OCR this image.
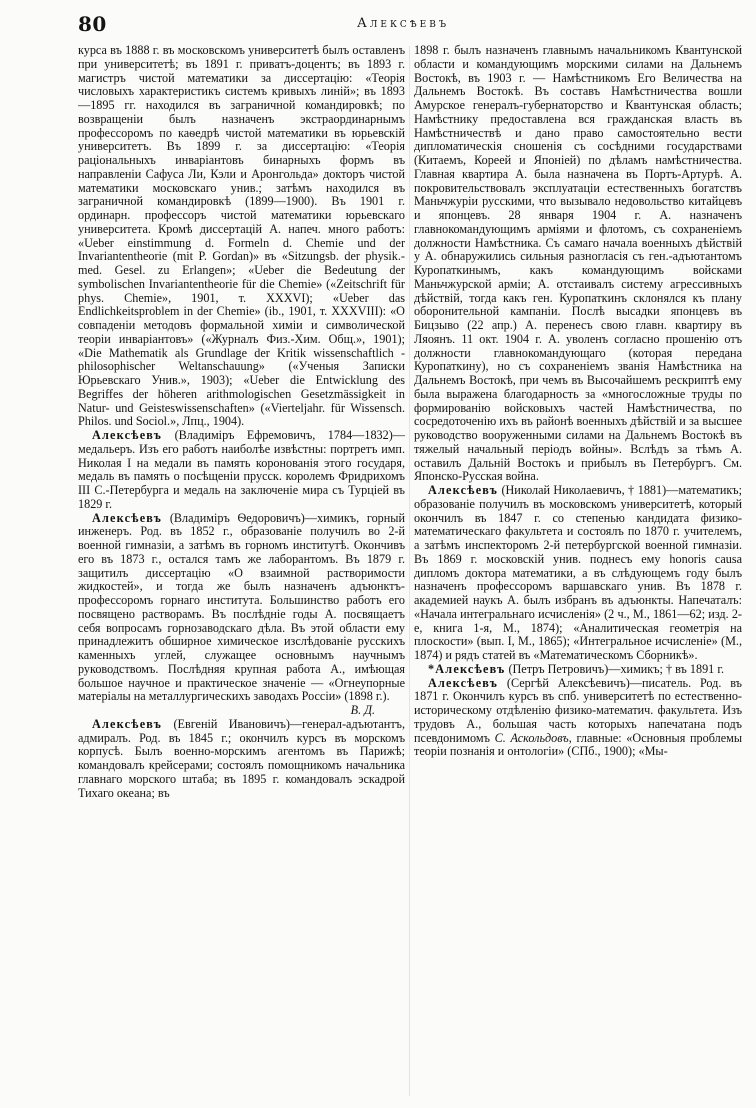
80	Алексѣевъ

курса въ 1888 г. въ московскомъ университетѣ былъ оставленъ при университетѣ; въ 1891 г. приватъ-доцентъ; въ 1893 г. магистръ чистой математики за диссертацію: «Теорія числовыхъ характеристикъ системъ кривыхъ линій»; въ 1893—1895 гг. находился въ заграничной командировкѣ; по возвращеніи былъ назначенъ экстраординарнымъ профессоромъ по каѳедрѣ чистой математики въ юрьевскій университетъ. Въ 1899 г. за диссертацію: «Теорія раціональныхъ инваріантовъ бинарныхъ формъ въ направленіи Сафуса Ли, Кэли и Аронгольда» докторъ чистой математики московскаго унив.; затѣмъ находился въ заграничной командировкѣ (1899—1900). Въ 1901 г. ординарн. профессоръ чистой математики юрьевскаго университета. Кромѣ диссертацій А. напеч. много работъ: «Ueber einstimmung d. Formeln d. Chemie und der Invariantentheorie (mit P. Gordan)» въ «Sitzungsb. der physik.-med. Gesel. zu Erlangen»; «Ueber die Bedeutung der symbolischen Invariantentheorie für die Chemie» («Zeitschrift für phys. Chemie», 1901, т. XXXVI); «Ueber das Endlichkeitsproblem in der Chemie» (ib., 1901, т. XXXVIII): «О совпаденіи методовъ формальной химіи и символической теоріи инваріантовъ» («Журналъ Физ.-Хим. Общ.», 1901); «Die Mathematik als Grundlage der Kritik wissenschaftlich - philosophischer Weltanschauung» («Ученыя Записки Юрьевскаго Унив.», 1903); «Ueber die Entwicklung des Begriffes der höheren arithmologischen Gesetzmässigkeit in Natur- und Geisteswissenschaften» («Vierteljahr. für Wissensch. Philos. und Sociol.», Лпц., 1904).

Алексѣевъ (Владиміръ Ефремовичъ, 1784—1832)—медальеръ. Изъ его работъ наиболѣе извѣстны: портретъ имп. Николая I на медали въ память коронованія этого государя, медаль въ память о посѣщеніи прусск. королемъ Фридрихомъ III С.-Петербурга и медаль на заключеніе мира съ Турціей въ 1829 г.

Алексѣевъ (Владиміръ Ѳедоровичъ)—химикъ, горный инженеръ. Род. въ 1852 г., образованіе получилъ во 2-й военной гимназіи, а затѣмъ въ горномъ институтѣ. Окончивъ его въ 1873 г., остался тамъ же лаборантомъ. Въ 1879 г. защитилъ диссертацію «О взаимной растворимости жидкостей», и тогда же былъ назначенъ адъюнктъ-профессоромъ горнаго института. Большинство работъ его посвящено растворамъ. Въ послѣдніе годы А. посвящаетъ себя вопросамъ горнозаводскаго дѣла. Въ этой области ему принадлежитъ обширное химическое изслѣдованіе русскихъ каменныхъ углей, служащее основнымъ научнымъ руководствомъ. Послѣдняя крупная работа А., имѣющая большое научное и практическое значеніе — «Огнеупорные матеріалы на металлургическихъ заводахъ Россіи» (1898 г.).

В. Д.

Алексѣевъ (Евгеній Ивановичъ)—генерал-адъютантъ, адмиралъ. Род. въ 1845 г.; окончилъ курсъ въ морскомъ корпусѣ. Былъ военно-морскимъ агентомъ въ Парижѣ; командовалъ крейсерами; состоялъ помощникомъ начальника главнаго морского штаба; въ 1895 г. командовалъ эскадрой Тихаго океана; въ

1898 г. былъ назначенъ главнымъ начальникомъ Квантунской области и командующимъ морскими силами на Дальнемъ Востокѣ, въ 1903 г. — Намѣстникомъ Его Величества на Дальнемъ Востокѣ. Въ составъ Намѣстничества вошли Амурское генералъ-губернаторство и Квантунская область; Намѣстнику предоставлена вся гражданская власть въ Намѣстничествѣ и дано право самостоятельно вести дипломатическія сношенія съ сосѣдними государствами (Китаемъ, Кореей и Японіей) по дѣламъ намѣстничества. Главная квартира А. была назначена въ Портъ-Артурѣ. А. покровительствовалъ эксплуатаціи естественныхъ богатствъ Маньчжуріи русскими, что вызывало недовольство китайцевъ и японцевъ. 28 января 1904 г. А. назначенъ главнокомандующимъ арміями и флотомъ, съ сохраненіемъ должности Намѣстника. Съ самаго начала военныхъ дѣйствій у А. обнаружились сильныя разногласія съ ген.-адъютантомъ Куропаткинымъ, какъ командующимъ войсками Маньчжурской арміи; А. отстаивалъ систему агрессивныхъ дѣйствій, тогда какъ ген. Куропаткинъ склонялся къ плану оборонительной кампаніи. Послѣ высадки японцевъ въ Бицзыво (22 апр.) А. перенесъ свою главн. квартиру въ Ляоянъ. 11 окт. 1904 г. А. уволенъ согласно прошенію отъ должности главнокомандующаго (которая передана Куропаткину), но съ сохраненіемъ званія Намѣстника на Дальнемъ Востокѣ, при чемъ въ Высочайшемъ рескриптѣ ему была выражена благодарность за «многосложные труды по формированію войсковыхъ частей Намѣстничества, по сосредоточенію ихъ въ районѣ военныхъ дѣйствій и за высшее руководство вооруженными силами на Дальнемъ Востокѣ въ тяжелый начальный періодъ войны». Вслѣдъ за тѣмъ А. оставилъ Дальній Востокъ и прибылъ въ Петербургъ. См. Японско-Русская война.

Алексѣевъ (Николай Николаевичъ, † 1881)—математикъ; образованіе получилъ въ московскомъ университетѣ, который окончилъ въ 1847 г. со степенью кандидата физико-математическаго факультета и состоялъ по 1870 г. учителемъ, а затѣмъ инспекторомъ 2-й петербургской военной гимназіи. Въ 1869 г. московскій унив. поднесъ ему honoris causa дипломъ доктора математики, а въ слѣдующемъ году былъ назначенъ профессоромъ варшавскаго унив. Въ 1878 г. академией наукъ А. былъ избранъ въ адъюнкты. Напечаталъ: «Начала интегральнаго исчисленія» (2 ч., М., 1861—62; изд. 2-е, книга 1-я, М., 1874); «Аналитическая геометрія на плоскости» (вып. I, М., 1865); «Интегральное исчисленіе» (М., 1874) и рядъ статей въ «Математическомъ Сборникѣ».

*Алексѣевъ (Петръ Петровичъ)—химикъ; † въ 1891 г.

Алексѣевъ (Сергѣй Алексѣевичъ)—писатель. Род. въ 1871 г. Окончилъ курсъ въ спб. университетѣ по естественно-историческому отдѣленію физико-математич. факультета. Изъ трудовъ А., большая часть которыхъ напечатана подъ псевдонимомъ С. Аскольдовъ, главные: «Основныя проблемы теоріи познанія и онтологіи» (СПб., 1900); «Мы-
